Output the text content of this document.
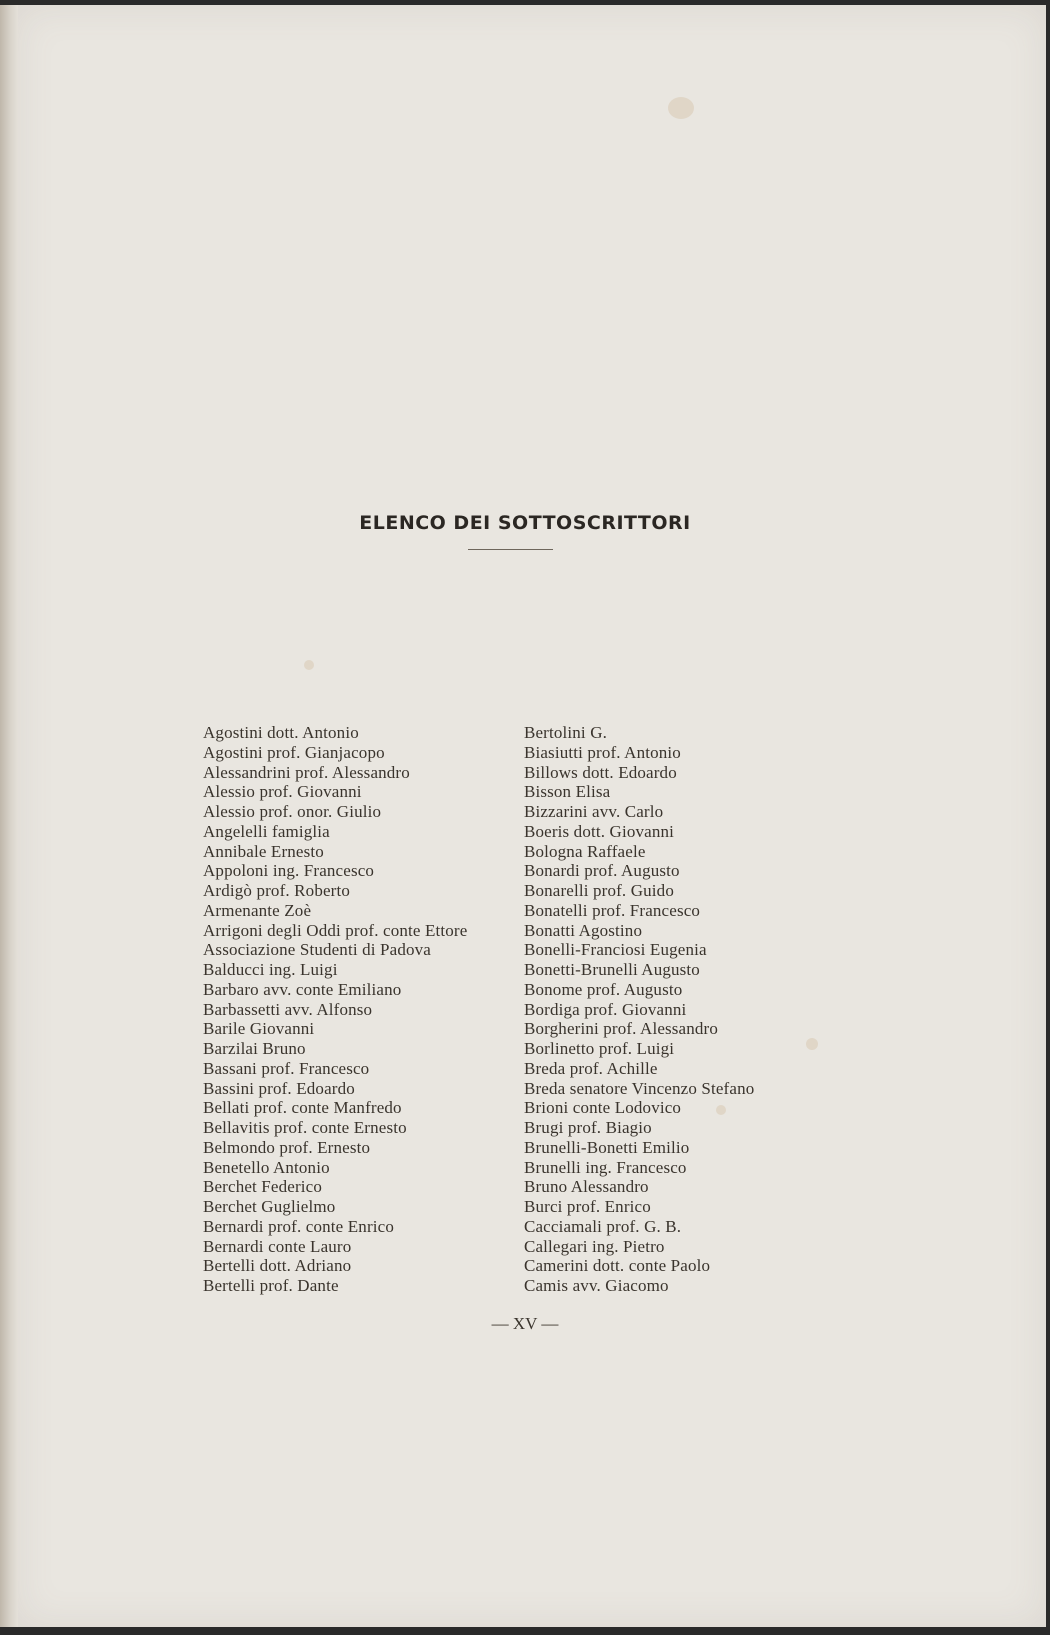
ELENCO DEI SOTTOSCRITTORI
Agostini dott. Antonio
Agostini prof. Gianjacopo
Alessandrini prof. Alessandro
Alessio prof. Giovanni
Alessio prof. onor. Giulio
Angelelli famiglia
Annibale Ernesto
Appoloni ing. Francesco
Ardigò prof. Roberto
Armenante Zoè
Arrigoni degli Oddi prof. conte Ettore
Associazione Studenti di Padova
Balducci ing. Luigi
Barbaro avv. conte Emiliano
Barbassetti avv. Alfonso
Barile Giovanni
Barzilai Bruno
Bassani prof. Francesco
Bassini prof. Edoardo
Bellati prof. conte Manfredo
Bellavitis prof. conte Ernesto
Belmondo prof. Ernesto
Benetello Antonio
Berchet Federico
Berchet Guglielmo
Bernardi prof. conte Enrico
Bernardi conte Lauro
Bertelli dott. Adriano
Bertelli prof. Dante
Bertolini G.
Biasiutti prof. Antonio
Billows dott. Edoardo
Bisson Elisa
Bizzarini avv. Carlo
Boeris dott. Giovanni
Bologna Raffaele
Bonardi prof. Augusto
Bonarelli prof. Guido
Bonatelli prof. Francesco
Bonatti Agostino
Bonelli-Franciosi Eugenia
Bonetti-Brunelli Augusto
Bonome prof. Augusto
Bordiga prof. Giovanni
Borgherini prof. Alessandro
Borlinetto prof. Luigi
Breda prof. Achille
Breda senatore Vincenzo Stefano
Brioni conte Lodovico
Brugi prof. Biagio
Brunelli-Bonetti Emilio
Brunelli ing. Francesco
Bruno Alessandro
Burci prof. Enrico
Cacciamali prof. G. B.
Callegari ing. Pietro
Camerini dott. conte Paolo
Camis avv. Giacomo
— XV —
